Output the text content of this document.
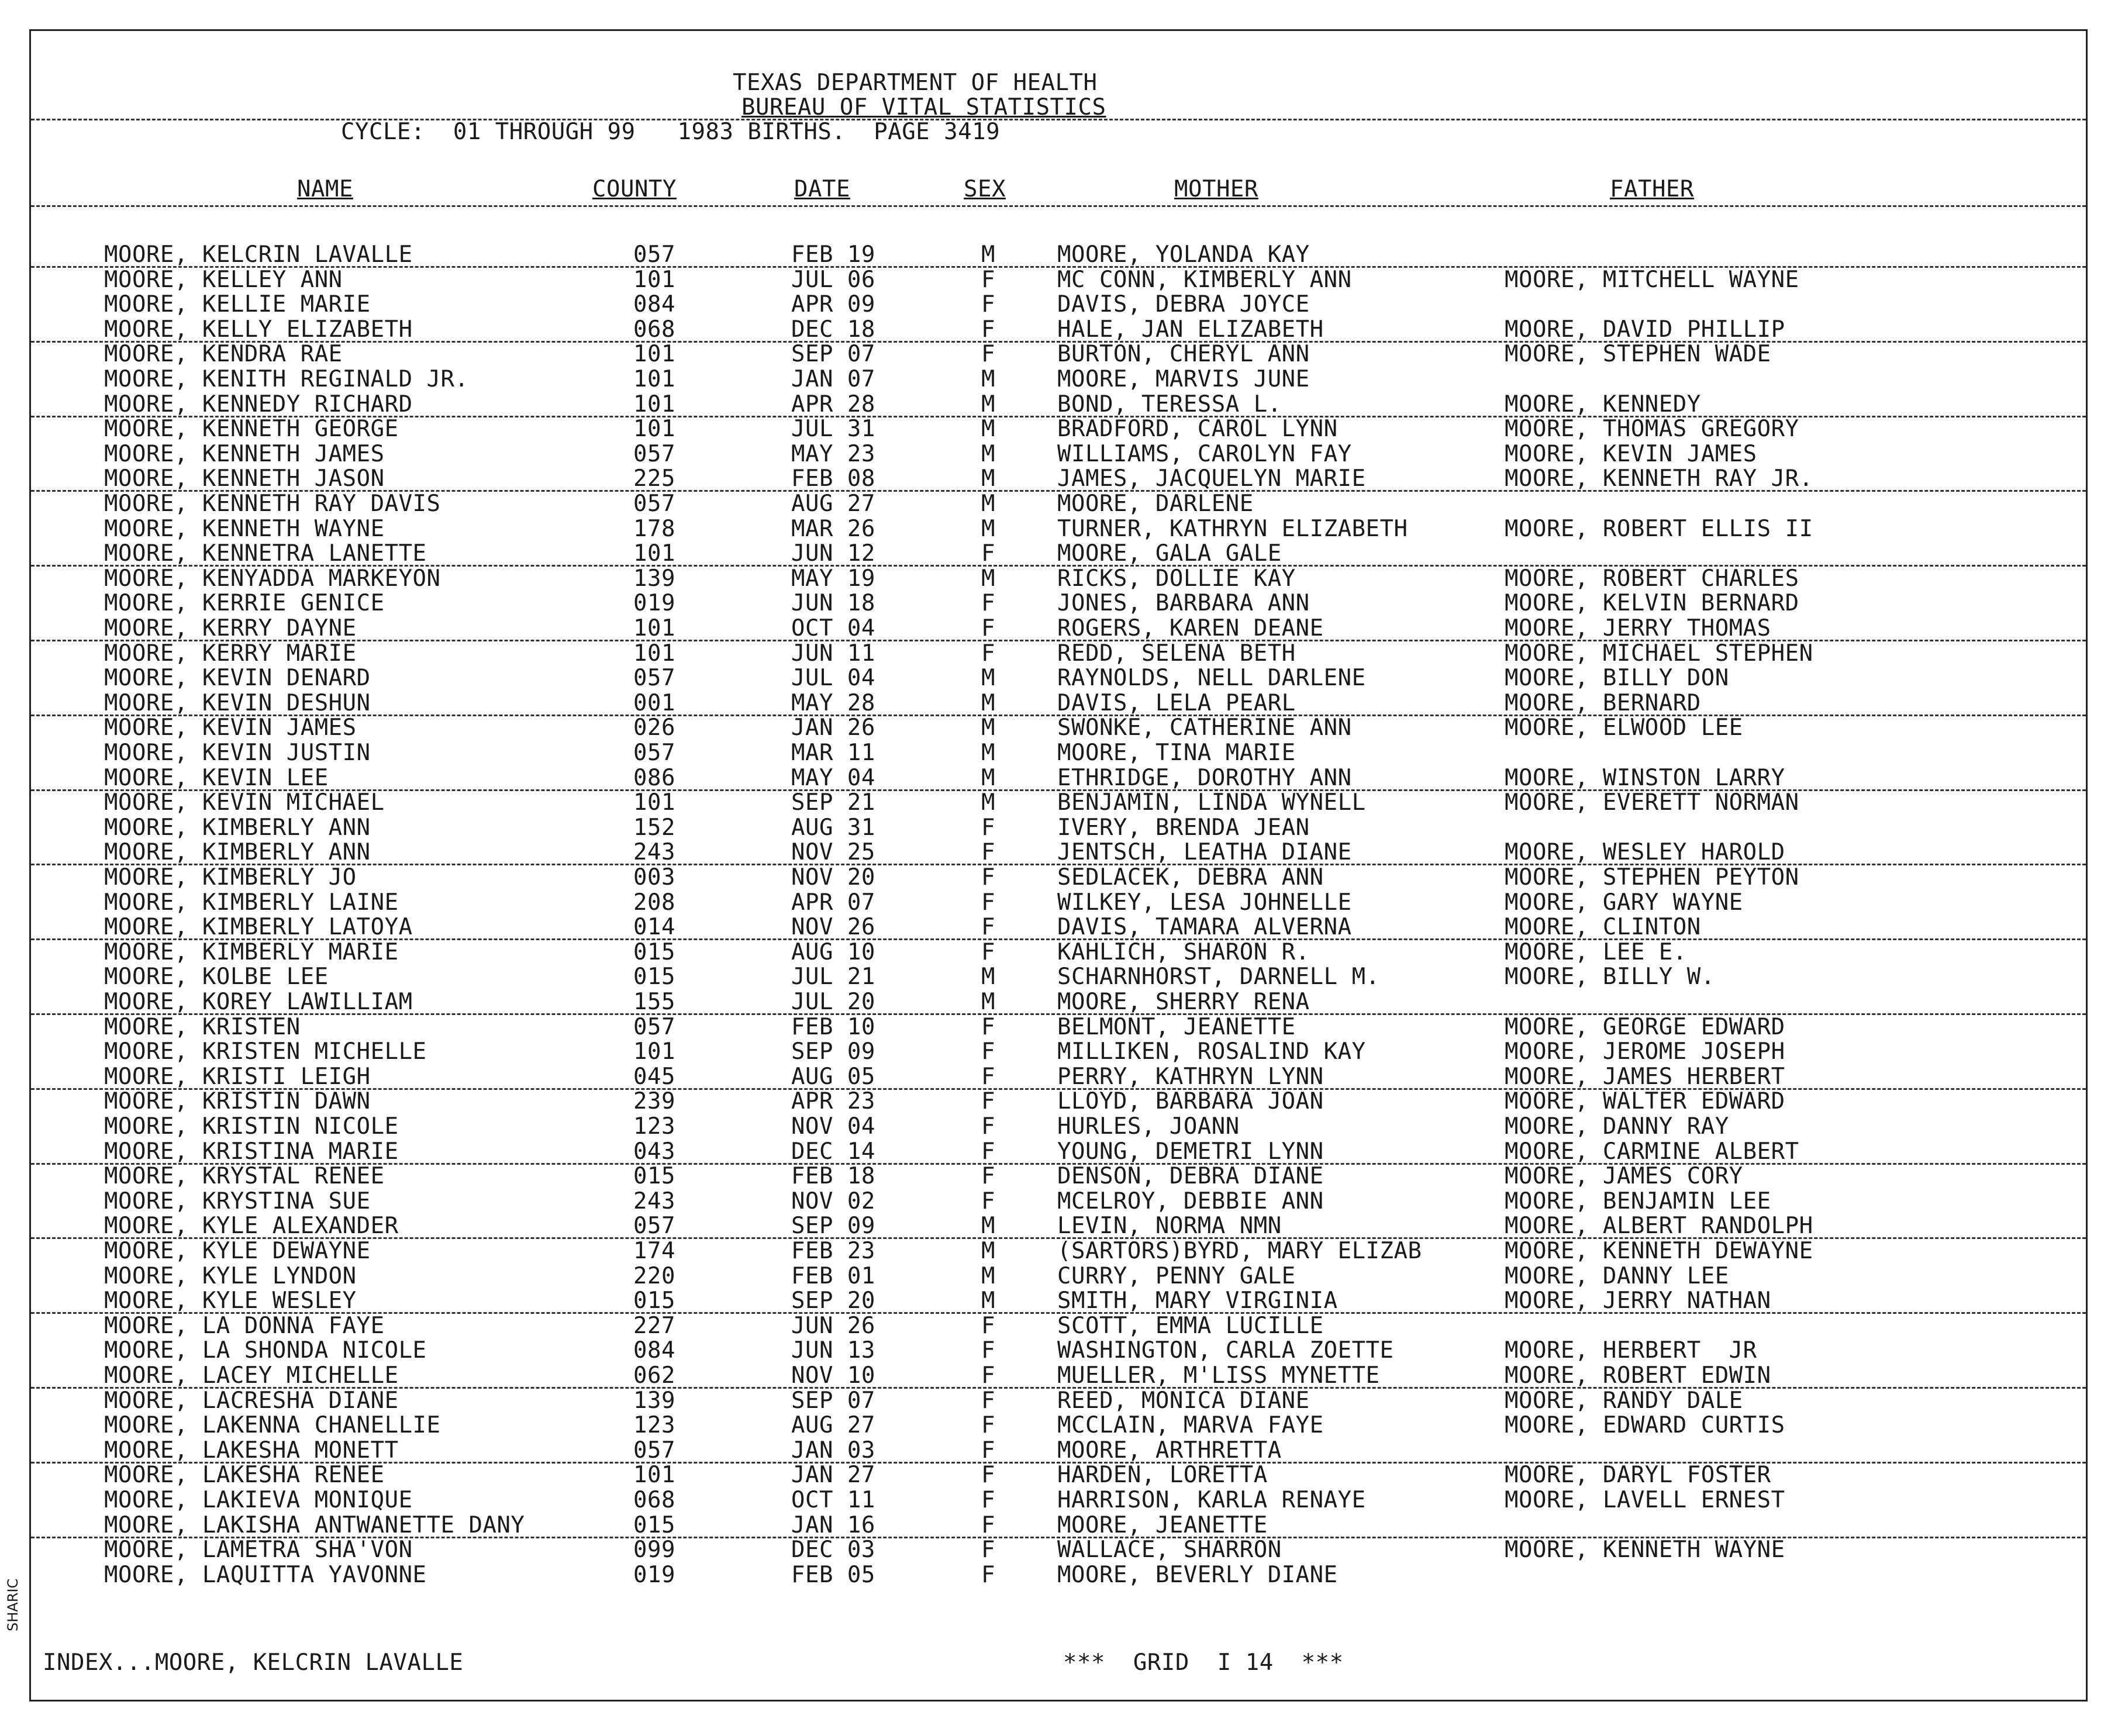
TEXAS DEPARTMENT OF HEALTH
BUREAU OF VITAL STATISTICS
CYCLE:  01 THROUGH 99   1983 BIRTHS.  PAGE 3419
NAME	COUNTY	DATE	SEX	MOTHER	FATHER
MOORE, KELCRIN LAVALLE	057	FEB 19	M	MOORE, YOLANDA KAY
MOORE, KELLEY ANN	101	JUL 06	F	MC CONN, KIMBERLY ANN	MOORE, MITCHELL WAYNE
MOORE, KELLIE MARIE	084	APR 09	F	DAVIS, DEBRA JOYCE
MOORE, KELLY ELIZABETH	068	DEC 18	F	HALE, JAN ELIZABETH	MOORE, DAVID PHILLIP
MOORE, KENDRA RAE	101	SEP 07	F	BURTON, CHERYL ANN	MOORE, STEPHEN WADE
MOORE, KENITH REGINALD JR.	101	JAN 07	M	MOORE, MARVIS JUNE
MOORE, KENNEDY RICHARD	101	APR 28	M	BOND, TERESSA L.	MOORE, KENNEDY
MOORE, KENNETH GEORGE	101	JUL 31	M	BRADFORD, CAROL LYNN	MOORE, THOMAS GREGORY
MOORE, KENNETH JAMES	057	MAY 23	M	WILLIAMS, CAROLYN FAY	MOORE, KEVIN JAMES
MOORE, KENNETH JASON	225	FEB 08	M	JAMES, JACQUELYN MARIE	MOORE, KENNETH RAY JR.
MOORE, KENNETH RAY DAVIS	057	AUG 27	M	MOORE, DARLENE
MOORE, KENNETH WAYNE	178	MAR 26	M	TURNER, KATHRYN ELIZABETH	MOORE, ROBERT ELLIS II
MOORE, KENNETRA LANETTE	101	JUN 12	F	MOORE, GALA GALE
MOORE, KENYADDA MARKEYON	139	MAY 19	M	RICKS, DOLLIE KAY	MOORE, ROBERT CHARLES
MOORE, KERRIE GENICE	019	JUN 18	F	JONES, BARBARA ANN	MOORE, KELVIN BERNARD
MOORE, KERRY DAYNE	101	OCT 04	F	ROGERS, KAREN DEANE	MOORE, JERRY THOMAS
MOORE, KERRY MARIE	101	JUN 11	F	REDD, SELENA BETH	MOORE, MICHAEL STEPHEN
MOORE, KEVIN DENARD	057	JUL 04	M	RAYNOLDS, NELL DARLENE	MOORE, BILLY DON
MOORE, KEVIN DESHUN	001	MAY 28	M	DAVIS, LELA PEARL	MOORE, BERNARD
MOORE, KEVIN JAMES	026	JAN 26	M	SWONKE, CATHERINE ANN	MOORE, ELWOOD LEE
MOORE, KEVIN JUSTIN	057	MAR 11	M	MOORE, TINA MARIE
MOORE, KEVIN LEE	086	MAY 04	M	ETHRIDGE, DOROTHY ANN	MOORE, WINSTON LARRY
MOORE, KEVIN MICHAEL	101	SEP 21	M	BENJAMIN, LINDA WYNELL	MOORE, EVERETT NORMAN
MOORE, KIMBERLY ANN	152	AUG 31	F	IVERY, BRENDA JEAN
MOORE, KIMBERLY ANN	243	NOV 25	F	JENTSCH, LEATHA DIANE	MOORE, WESLEY HAROLD
MOORE, KIMBERLY JO	003	NOV 20	F	SEDLACEK, DEBRA ANN	MOORE, STEPHEN PEYTON
MOORE, KIMBERLY LAINE	208	APR 07	F	WILKEY, LESA JOHNELLE	MOORE, GARY WAYNE
MOORE, KIMBERLY LATOYA	014	NOV 26	F	DAVIS, TAMARA ALVERNA	MOORE, CLINTON
MOORE, KIMBERLY MARIE	015	AUG 10	F	KAHLICH, SHARON R.	MOORE, LEE E.
MOORE, KOLBE LEE	015	JUL 21	M	SCHARNHORST, DARNELL M.	MOORE, BILLY W.
MOORE, KOREY LAWILLIAM	155	JUL 20	M	MOORE, SHERRY RENA
MOORE, KRISTEN	057	FEB 10	F	BELMONT, JEANETTE	MOORE, GEORGE EDWARD
MOORE, KRISTEN MICHELLE	101	SEP 09	F	MILLIKEN, ROSALIND KAY	MOORE, JEROME JOSEPH
MOORE, KRISTI LEIGH	045	AUG 05	F	PERRY, KATHRYN LYNN	MOORE, JAMES HERBERT
MOORE, KRISTIN DAWN	239	APR 23	F	LLOYD, BARBARA JOAN	MOORE, WALTER EDWARD
MOORE, KRISTIN NICOLE	123	NOV 04	F	HURLES, JOANN	MOORE, DANNY RAY
MOORE, KRISTINA MARIE	043	DEC 14	F	YOUNG, DEMETRI LYNN	MOORE, CARMINE ALBERT
MOORE, KRYSTAL RENEE	015	FEB 18	F	DENSON, DEBRA DIANE	MOORE, JAMES CORY
MOORE, KRYSTINA SUE	243	NOV 02	F	MCELROY, DEBBIE ANN	MOORE, BENJAMIN LEE
MOORE, KYLE ALEXANDER	057	SEP 09	M	LEVIN, NORMA NMN	MOORE, ALBERT RANDOLPH
MOORE, KYLE DEWAYNE	174	FEB 23	M	(SARTORS)BYRD, MARY ELIZAB	MOORE, KENNETH DEWAYNE
MOORE, KYLE LYNDON	220	FEB 01	M	CURRY, PENNY GALE	MOORE, DANNY LEE
MOORE, KYLE WESLEY	015	SEP 20	M	SMITH, MARY VIRGINIA	MOORE, JERRY NATHAN
MOORE, LA DONNA FAYE	227	JUN 26	F	SCOTT, EMMA LUCILLE
MOORE, LA SHONDA NICOLE	084	JUN 13	F	WASHINGTON, CARLA ZOETTE	MOORE, HERBERT  JR
MOORE, LACEY MICHELLE	062	NOV 10	F	MUELLER, M'LISS MYNETTE	MOORE, ROBERT EDWIN
MOORE, LACRESHA DIANE	139	SEP 07	F	REED, MONICA DIANE	MOORE, RANDY DALE
MOORE, LAKENNA CHANELLIE	123	AUG 27	F	MCCLAIN, MARVA FAYE	MOORE, EDWARD CURTIS
MOORE, LAKESHA MONETT	057	JAN 03	F	MOORE, ARTHRETTA
MOORE, LAKESHA RENEE	101	JAN 27	F	HARDEN, LORETTA	MOORE, DARYL FOSTER
MOORE, LAKIEVA MONIQUE	068	OCT 11	F	HARRISON, KARLA RENAYE	MOORE, LAVELL ERNEST
MOORE, LAKISHA ANTWANETTE DANY	015	JAN 16	F	MOORE, JEANETTE
MOORE, LAMETRA SHA'VON	099	DEC 03	F	WALLACE, SHARRON	MOORE, KENNETH WAYNE
MOORE, LAQUITTA YAVONNE	019	FEB 05	F	MOORE, BEVERLY DIANE
INDEX...MOORE, KELCRIN LAVALLE	***  GRID  I 14  ***
SHARIC
